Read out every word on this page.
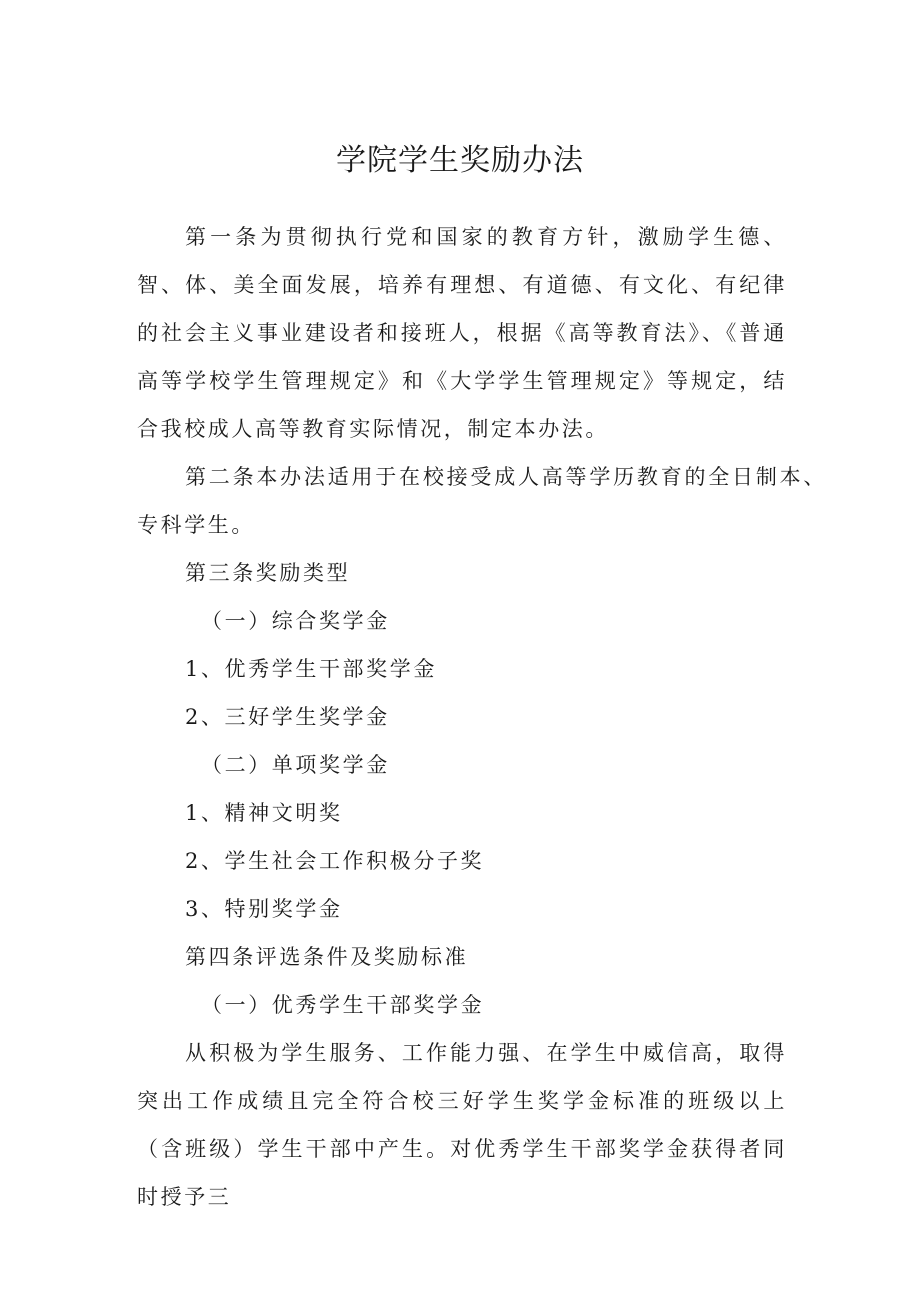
学院学生奖励办法

第一条为贯彻执行党和国家的教育方针，激励学生德、智、体、美全面发展，培养有理想、有道德、有文化、有纪律的社会主义事业建设者和接班人，根据《高等教育法》、《普通高等学校学生管理规定》和《大学学生管理规定》等规定，结合我校成人高等教育实际情况，制定本办法。

第二条本办法适用于在校接受成人高等学历教育的全日制本、专科学生。

第三条奖励类型

（一）综合奖学金

1、优秀学生干部奖学金

2、三好学生奖学金

（二）单项奖学金

1、精神文明奖

2、学生社会工作积极分子奖

3、特别奖学金

第四条评选条件及奖励标准

（一）优秀学生干部奖学金

从积极为学生服务、工作能力强、在学生中威信高，取得突出工作成绩且完全符合校三好学生奖学金标准的班级以上（含班级）学生干部中产生。对优秀学生干部奖学金获得者同时授予三
